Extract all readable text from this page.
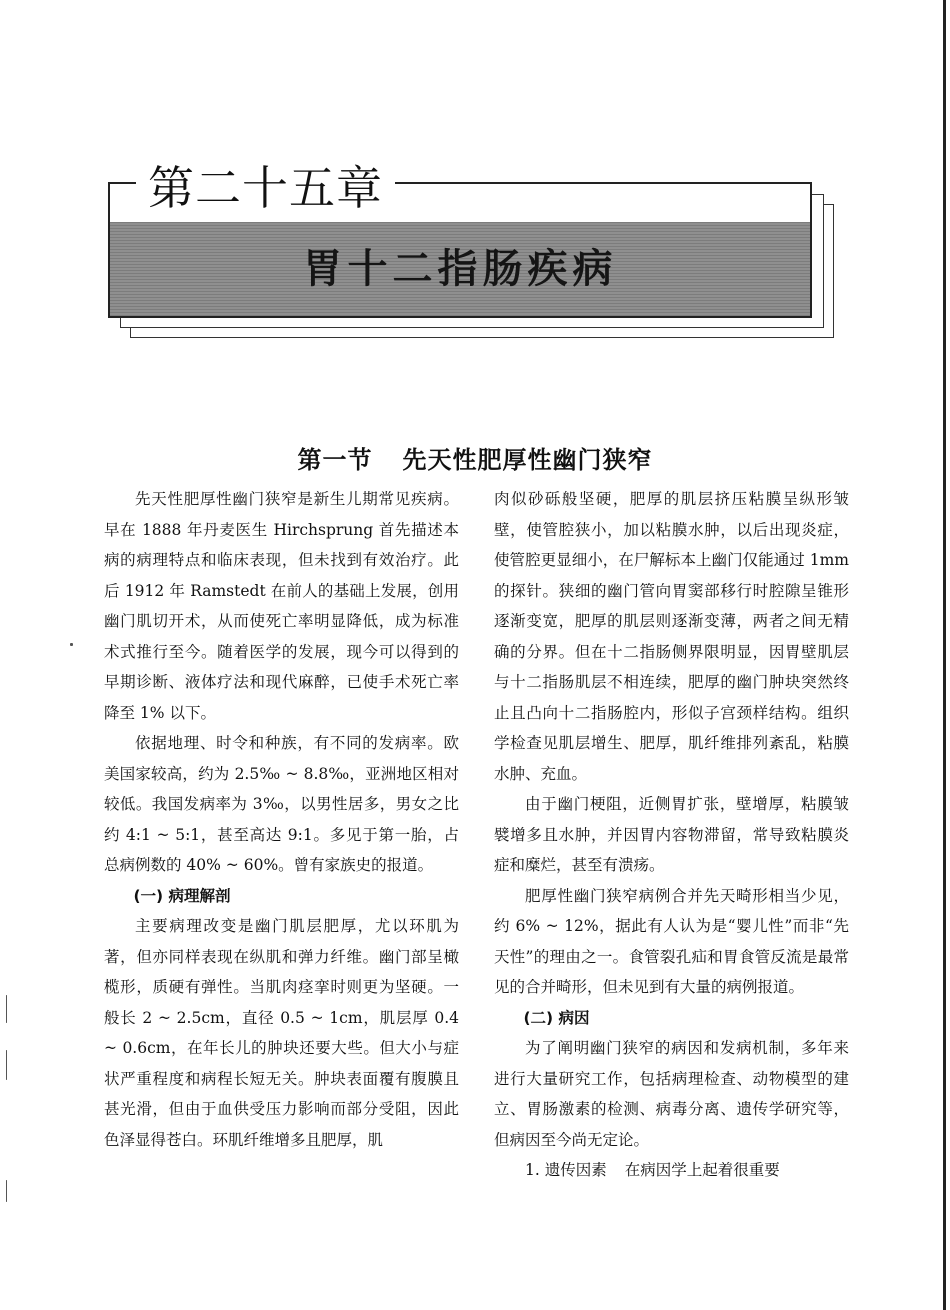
第二十五章
胃十二指肠疾病
第一节 先天性肥厚性幽门狭窄

先天性肥厚性幽门狭窄是新生儿期常见疾病。早在 1888 年丹麦医生 Hirchsprung 首先描述本病的病理特点和临床表现，但未找到有效治疗。此后 1912 年 Ramstedt 在前人的基础上发展，创用幽门肌切开术，从而使死亡率明显降低，成为标准术式推行至今。随着医学的发展，现今可以得到的早期诊断、液体疗法和现代麻醉，已使手术死亡率降至 1% 以下。

依据地理、时令和种族，有不同的发病率。欧美国家较高，约为 2.5‰ ~ 8.8‰，亚洲地区相对较低。我国发病率为 3‰，以男性居多，男女之比约 4:1 ~ 5:1，甚至高达 9:1。多见于第一胎，占总病例数的 40% ~ 60%。曾有家族史的报道。

(一) 病理解剖

主要病理改变是幽门肌层肥厚，尤以环肌为著，但亦同样表现在纵肌和弹力纤维。幽门部呈橄榄形，质硬有弹性。当肌肉痉挛时则更为坚硬。一般长 2 ~ 2.5cm，直径 0.5 ~ 1cm，肌层厚 0.4 ~ 0.6cm，在年长儿的肿块还要大些。但大小与症状严重程度和病程长短无关。肿块表面覆有腹膜且甚光滑，但由于血供受压力影响而部分受阻，因此色泽显得苍白。环肌纤维增多且肥厚，肌

肉似砂砾般坚硬，肥厚的肌层挤压粘膜呈纵形皱壁，使管腔狭小，加以粘膜水肿，以后出现炎症，使管腔更显细小，在尸解标本上幽门仅能通过 1mm 的探针。狭细的幽门管向胃窦部移行时腔隙呈锥形逐渐变宽，肥厚的肌层则逐渐变薄，两者之间无精确的分界。但在十二指肠侧界限明显，因胃壁肌层与十二指肠肌层不相连续，肥厚的幽门肿块突然终止且凸向十二指肠腔内，形似子宫颈样结构。组织学检查见肌层增生、肥厚，肌纤维排列紊乱，粘膜水肿、充血。

由于幽门梗阻，近侧胃扩张，壁增厚，粘膜皱襞增多且水肿，并因胃内容物滞留，常导致粘膜炎症和糜烂，甚至有溃疡。

肥厚性幽门狭窄病例合并先天畸形相当少见，约 6% ~ 12%，据此有人认为是“婴儿性”而非“先天性”的理由之一。食管裂孔疝和胃食管反流是最常见的合并畸形，但未见到有大量的病例报道。

(二) 病因

为了阐明幽门狭窄的病因和发病机制，多年来进行大量研究工作，包括病理检查、动物模型的建立、胃肠激素的检测、病毒分离、遗传学研究等，但病因至今尚无定论。

1. 遗传因素 在病因学上起着很重要
